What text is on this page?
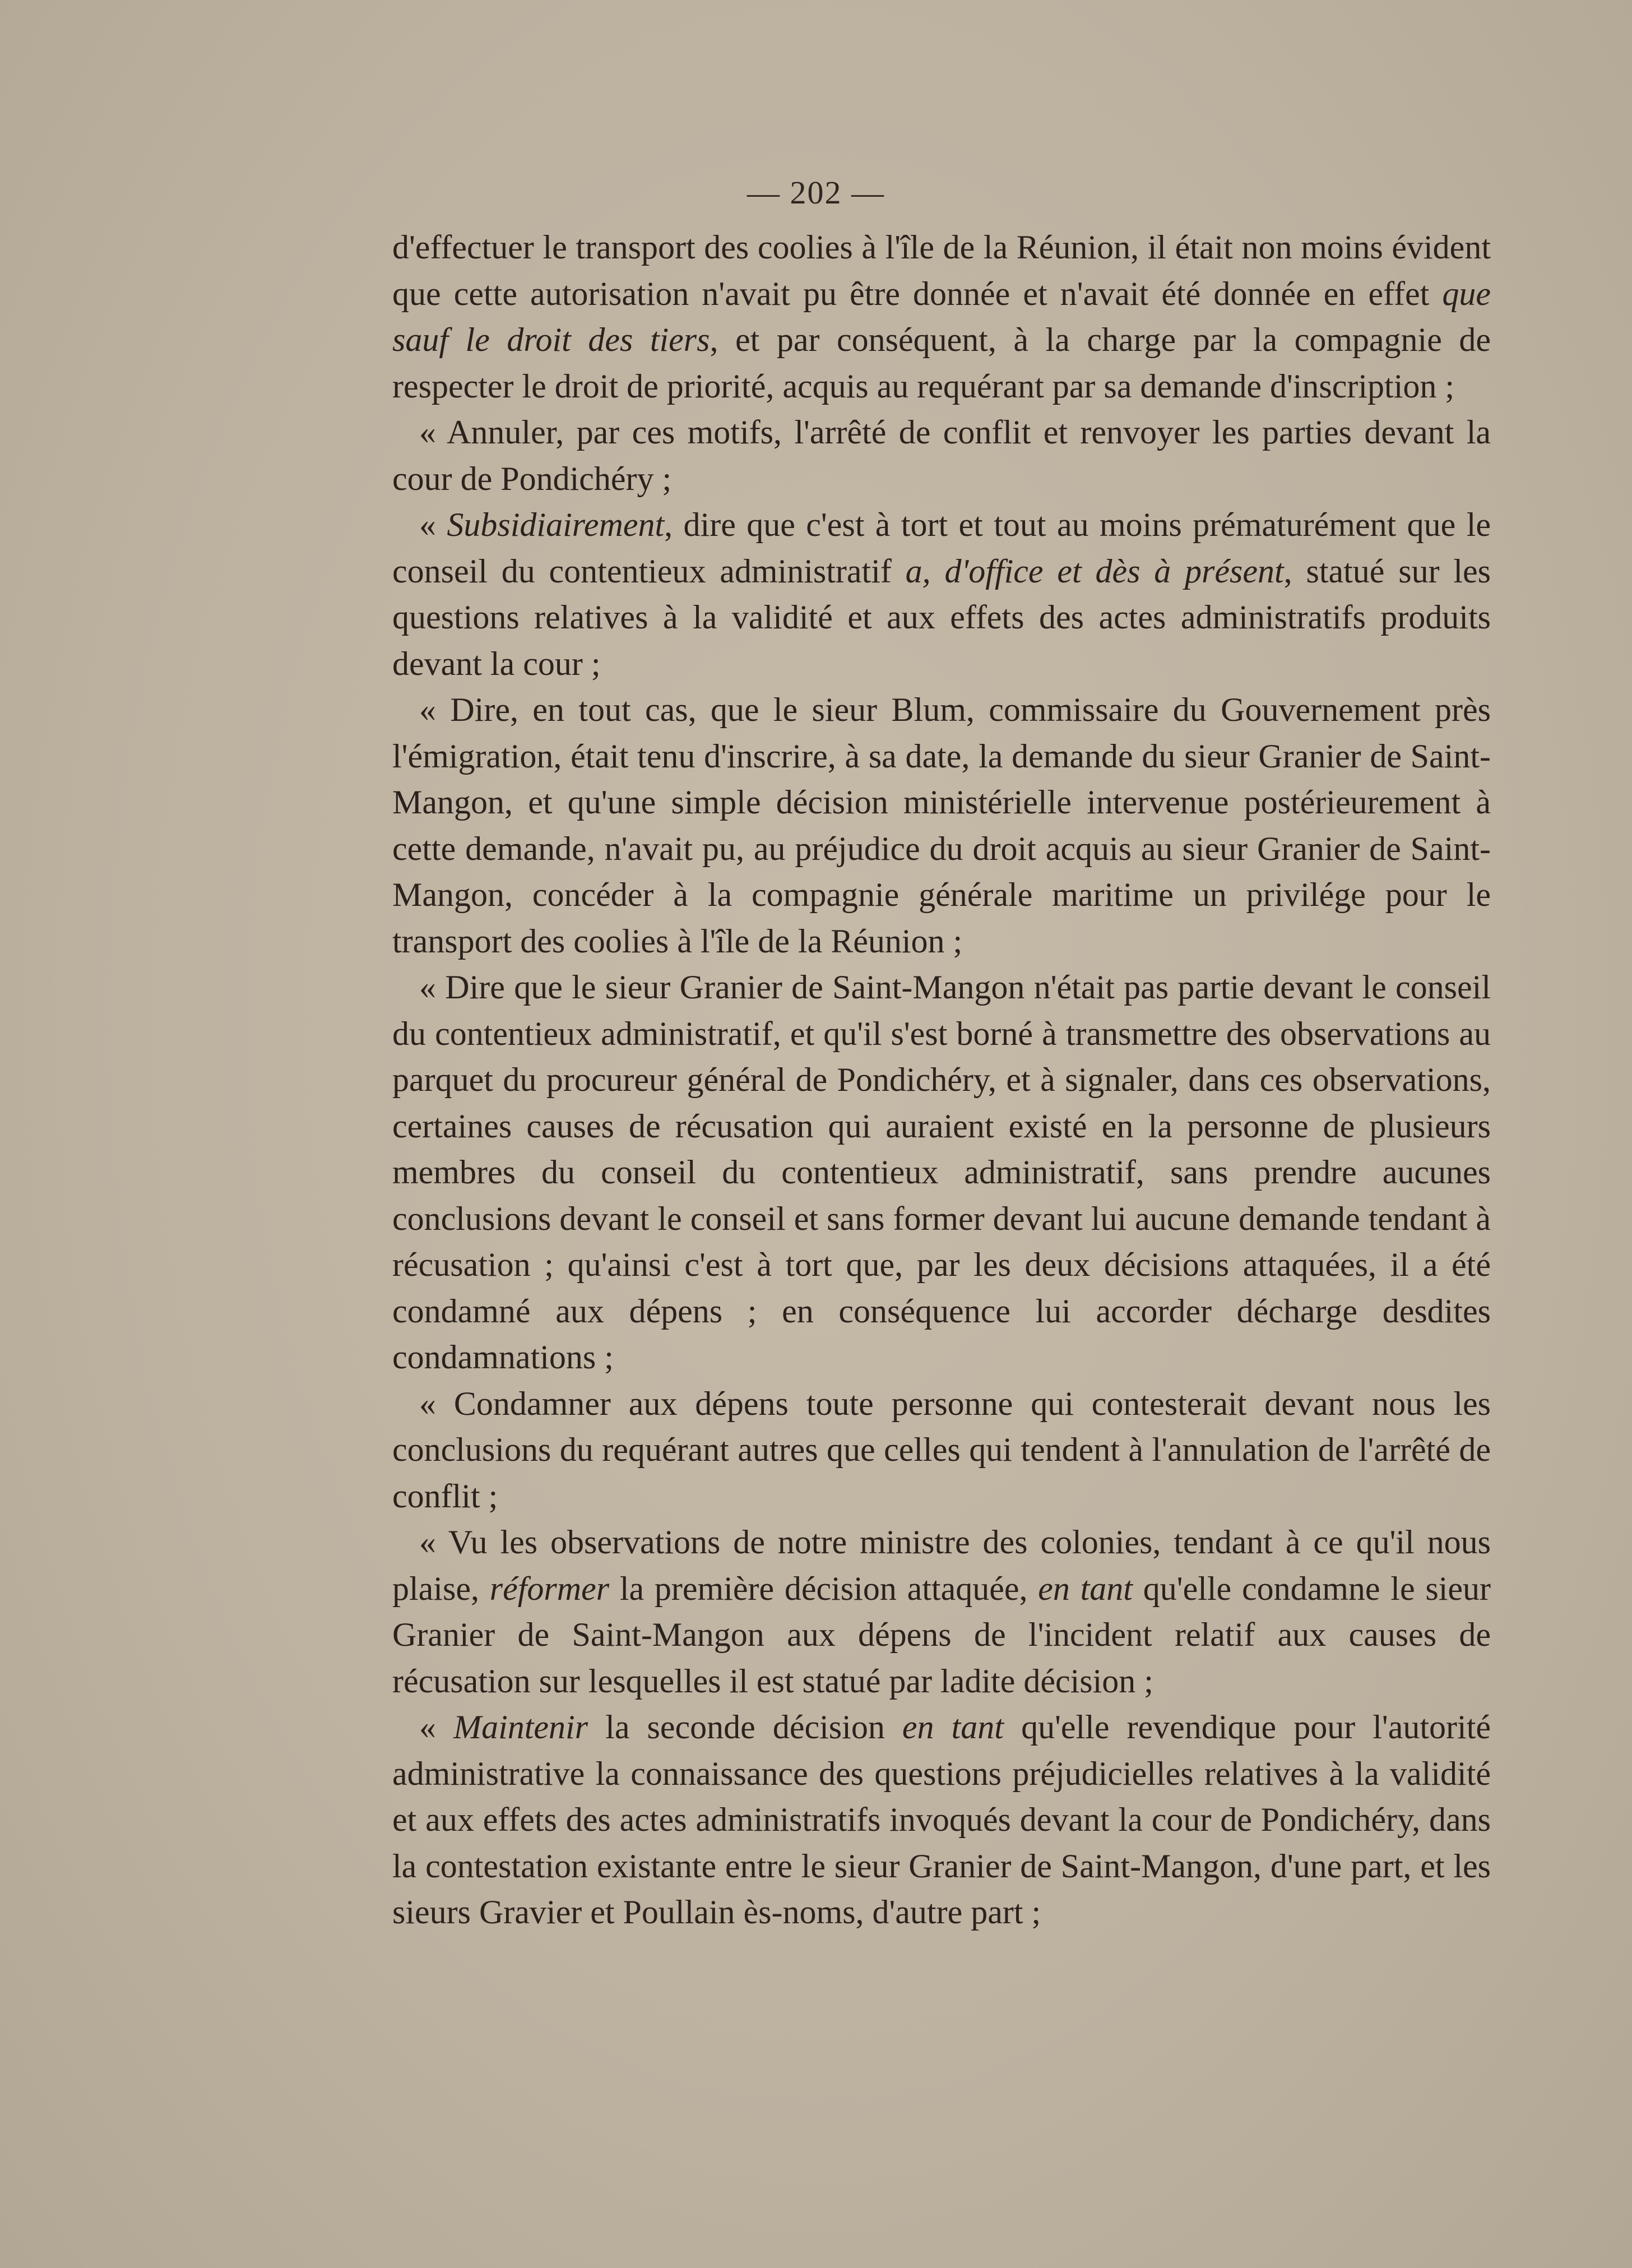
— 202 —

d'effectuer le transport des coolies à l'île de la Réunion, il était non moins évident que cette autorisation n'avait pu être donnée et n'avait été donnée en effet que sauf le droit des tiers, et par conséquent, à la charge par la compagnie de respecter le droit de priorité, acquis au requérant par sa demande d'inscription ;

« Annuler, par ces motifs, l'arrêté de conflit et renvoyer les parties devant la cour de Pondichéry ;

« Subsidiairement, dire que c'est à tort et tout au moins prématurément que le conseil du contentieux administratif a, d'office et dès à présent, statué sur les questions relatives à la validité et aux effets des actes administratifs produits devant la cour ;

« Dire, en tout cas, que le sieur Blum, commissaire du Gouvernement près l'émigration, était tenu d'inscrire, à sa date, la demande du sieur Granier de Saint-Mangon, et qu'une simple décision ministérielle intervenue postérieurement à cette demande, n'avait pu, au préjudice du droit acquis au sieur Granier de Saint-Mangon, concéder à la compagnie générale maritime un privilége pour le transport des coolies à l'île de la Réunion ;

« Dire que le sieur Granier de Saint-Mangon n'était pas partie devant le conseil du contentieux administratif, et qu'il s'est borné à transmettre des observations au parquet du procureur général de Pondichéry, et à signaler, dans ces observations, certaines causes de récusation qui auraient existé en la personne de plusieurs membres du conseil du contentieux administratif, sans prendre aucunes conclusions devant le conseil et sans former devant lui aucune demande tendant à récusation ; qu'ainsi c'est à tort que, par les deux décisions attaquées, il a été condamné aux dépens ; en conséquence lui accorder décharge desdites condamnations ;

« Condamner aux dépens toute personne qui contesterait devant nous les conclusions du requérant autres que celles qui tendent à l'annulation de l'arrêté de conflit ;

« Vu les observations de notre ministre des colonies, tendant à ce qu'il nous plaise, réformer la première décision attaquée, en tant qu'elle condamne le sieur Granier de Saint-Mangon aux dépens de l'incident relatif aux causes de récusation sur lesquelles il est statué par ladite décision ;

« Maintenir la seconde décision en tant qu'elle revendique pour l'autorité administrative la connaissance des questions préjudicielles relatives à la validité et aux effets des actes administratifs invoqués devant la cour de Pondichéry, dans la contestation existante entre le sieur Granier de Saint-Mangon, d'une part, et les sieurs Gravier et Poullain ès-noms, d'autre part ;
